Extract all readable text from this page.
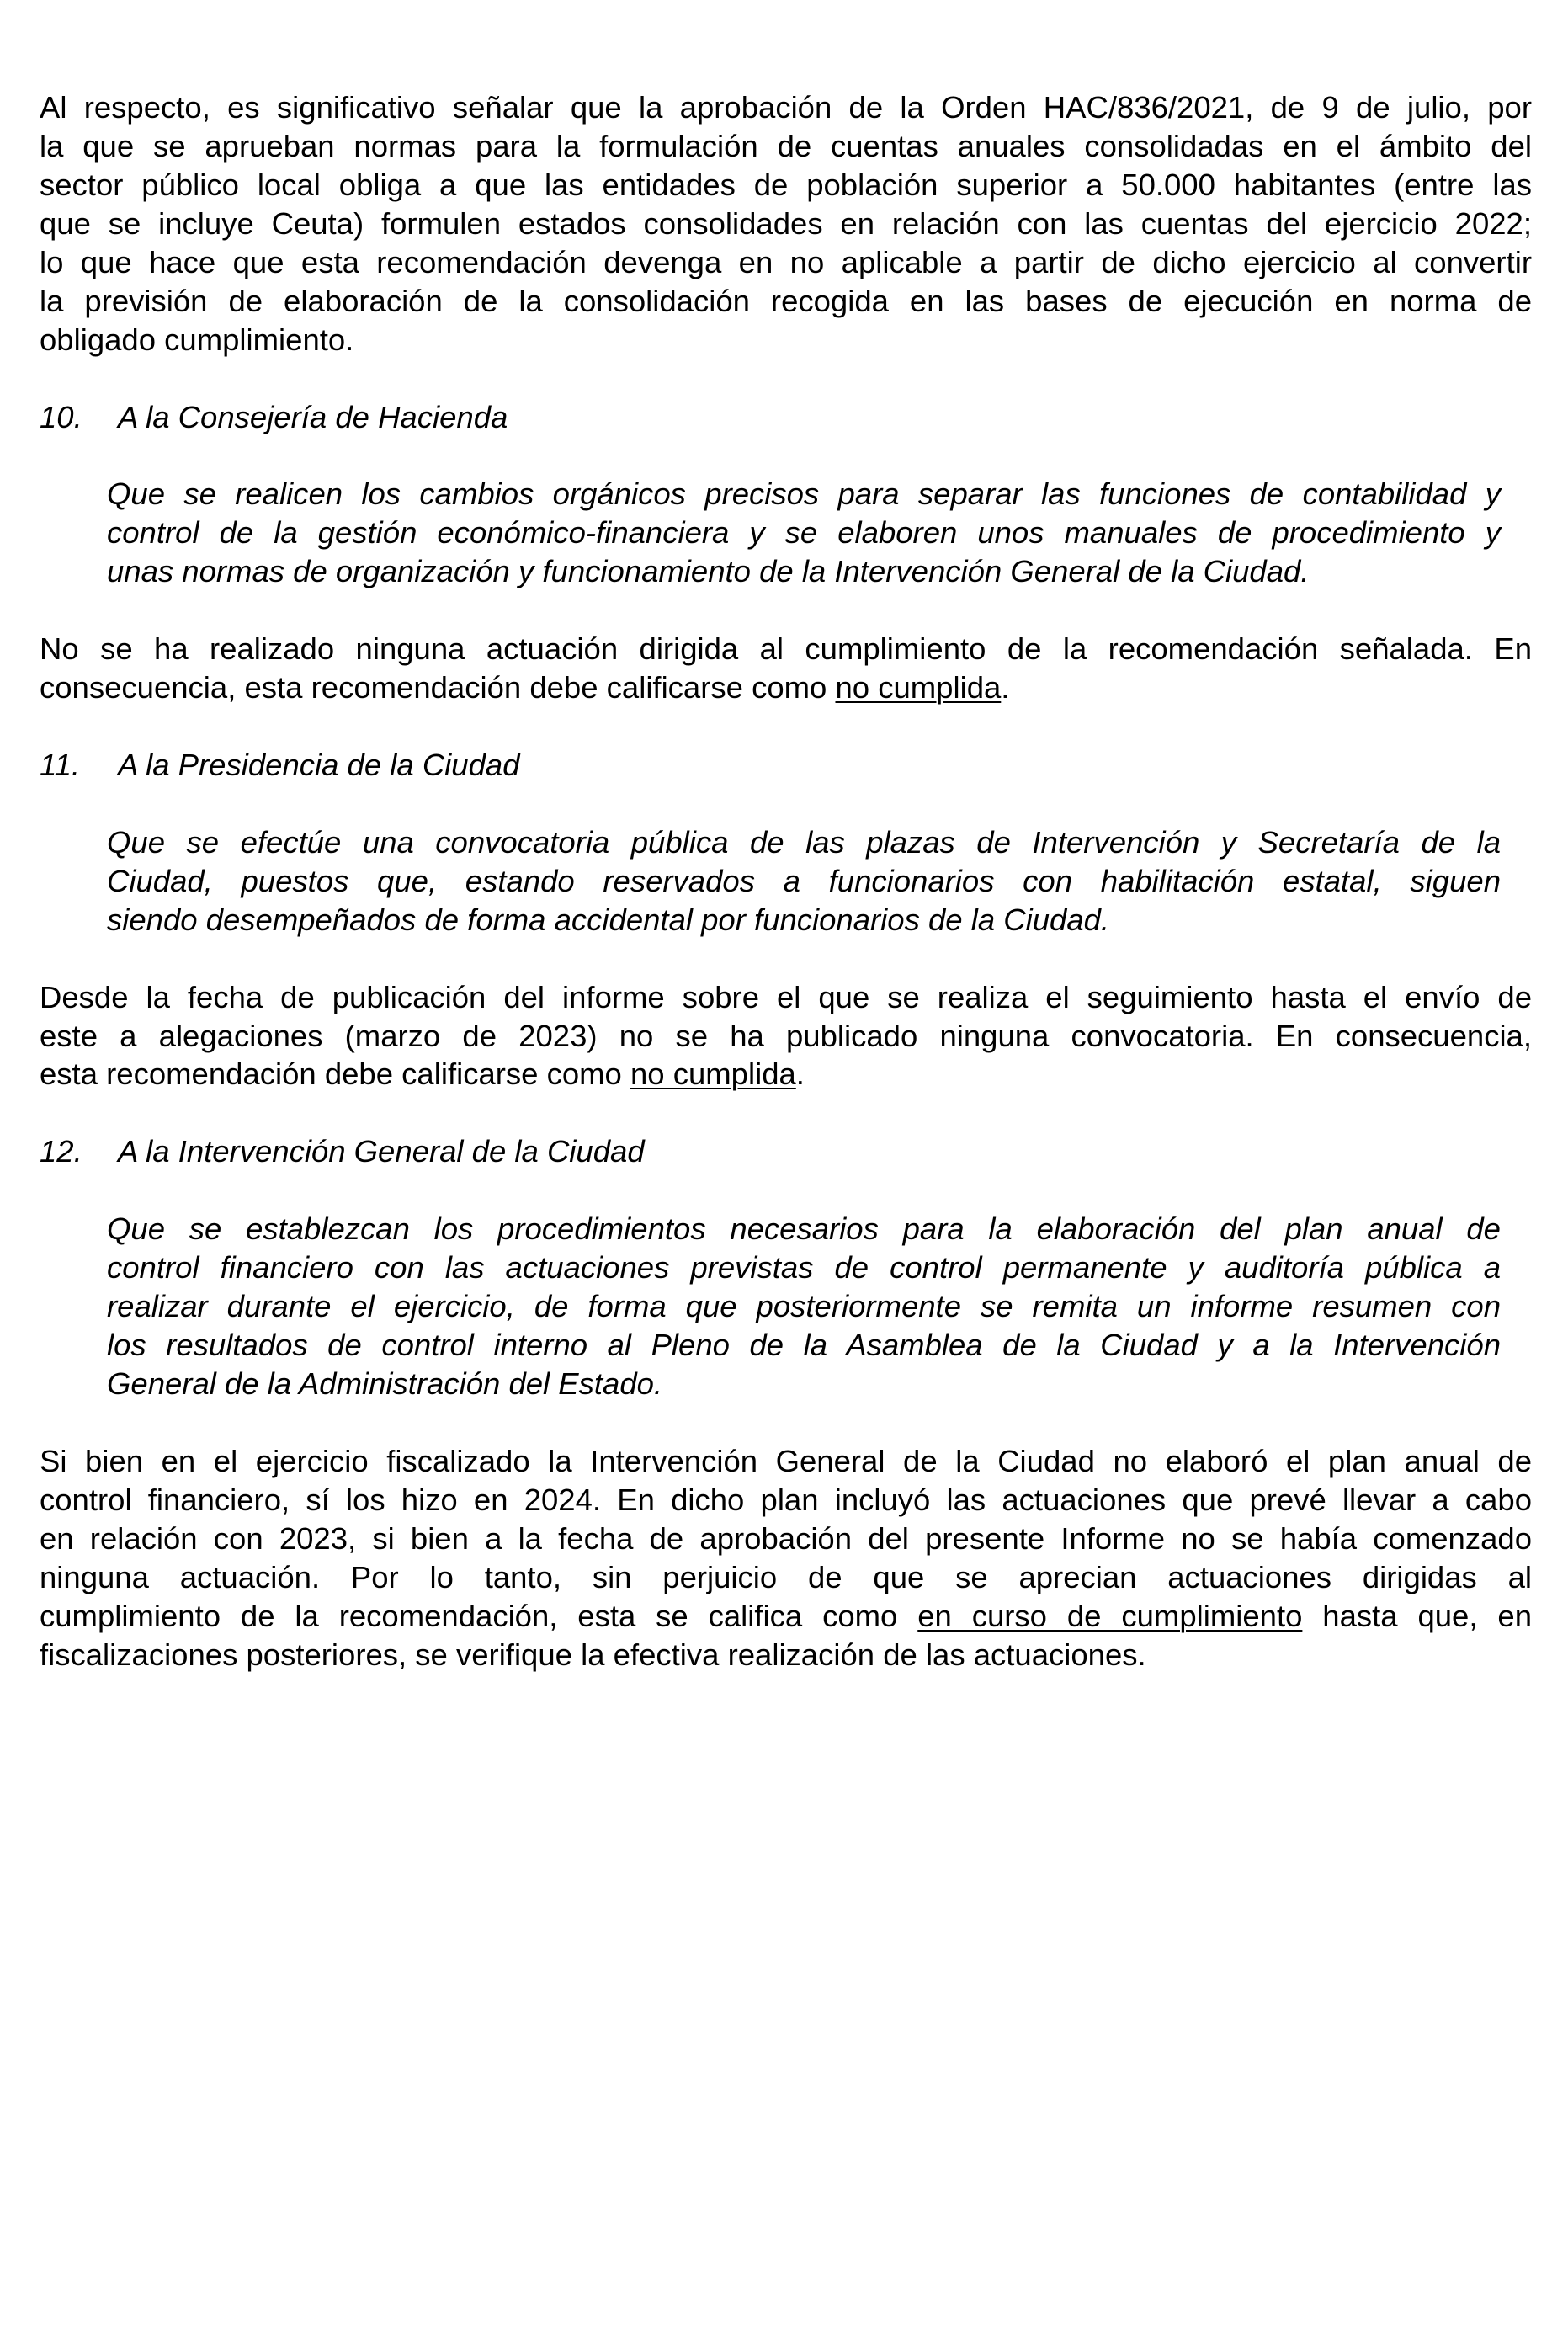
Al respecto, es significativo señalar que la aprobación de la Orden HAC/836/2021, de 9 de julio, por
la que se aprueban normas para la formulación de cuentas anuales consolidadas en el ámbito del
sector público local obliga a que las entidades de población superior a 50.000 habitantes (entre las
que se incluye Ceuta) formulen estados consolidades en relación con las cuentas del ejercicio 2022;
lo que hace que esta recomendación devenga en no aplicable a partir de dicho ejercicio al convertir
la previsión de elaboración de la consolidación recogida en las bases de ejecución en norma de
obligado cumplimiento.
10.	A la Consejería de Hacienda
Que se realicen los cambios orgánicos precisos para separar las funciones de contabilidad y
control de la gestión económico-financiera y se elaboren unos manuales de procedimiento y
unas normas de organización y funcionamiento de la Intervención General de la Ciudad.
No se ha realizado ninguna actuación dirigida al cumplimiento de la recomendación señalada. En
consecuencia, esta recomendación debe calificarse como no cumplida.
11.	A la Presidencia de la Ciudad
Que se efectúe una convocatoria pública de las plazas de Intervención y Secretaría de la
Ciudad, puestos que, estando reservados a funcionarios con habilitación estatal, siguen
siendo desempeñados de forma accidental por funcionarios de la Ciudad.
Desde la fecha de publicación del informe sobre el que se realiza el seguimiento hasta el envío de
este a alegaciones (marzo de 2023) no se ha publicado ninguna convocatoria. En consecuencia,
esta recomendación debe calificarse como no cumplida.
12.	A la Intervención General de la Ciudad
Que se establezcan los procedimientos necesarios para la elaboración del plan anual de
control financiero con las actuaciones previstas de control permanente y auditoría pública a
realizar durante el ejercicio, de forma que posteriormente se remita un informe resumen con
los resultados de control interno al Pleno de la Asamblea de la Ciudad y a la Intervención
General de la Administración del Estado.
Si bien en el ejercicio fiscalizado la Intervención General de la Ciudad no elaboró el plan anual de
control financiero, sí los hizo en 2024. En dicho plan incluyó las actuaciones que prevé llevar a cabo
en relación con 2023, si bien a la fecha de aprobación del presente Informe no se había comenzado
ninguna actuación. Por lo tanto, sin perjuicio de que se aprecian actuaciones dirigidas al
cumplimiento de la recomendación, esta se califica como en curso de cumplimiento hasta que, en
fiscalizaciones posteriores, se verifique la efectiva realización de las actuaciones.
